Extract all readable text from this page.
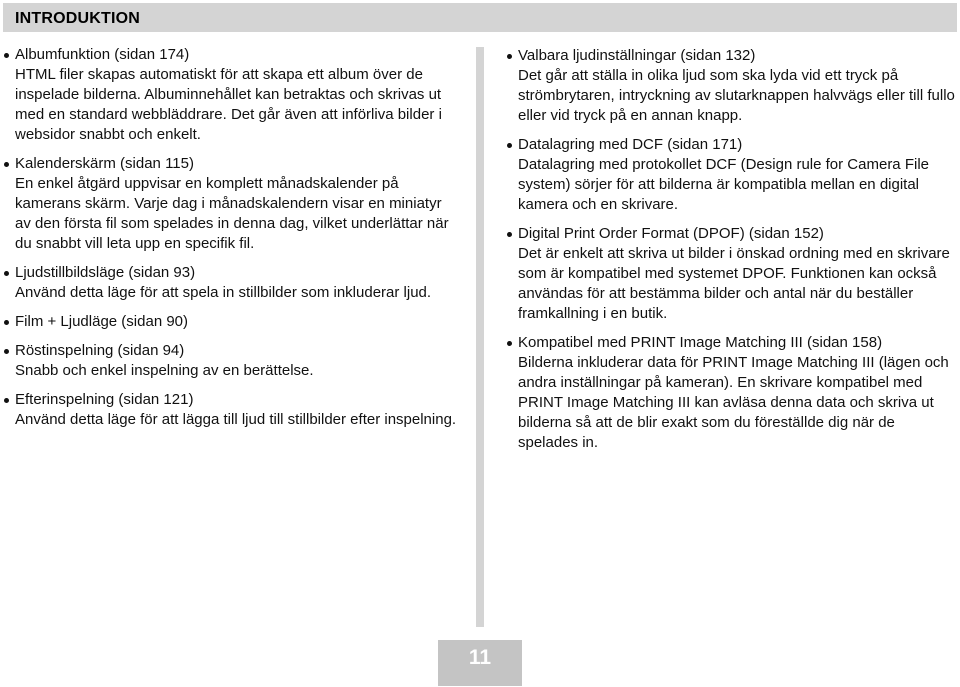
INTRODUKTION
Albumfunktion (sidan 174)
HTML filer skapas automatiskt för att skapa ett album över de inspelade bilderna. Albuminnehållet kan betraktas och skrivas ut med en standard webbläddrare. Det går även att införliva bilder i websidor snabbt och enkelt.
Kalenderskärm (sidan 115)
En enkel åtgärd uppvisar en komplett månadskalender på kamerans skärm. Varje dag i månadskalendern visar en miniatyr av den första fil som spelades in denna dag, vilket underlättar när du snabbt vill leta upp en specifik fil.
Ljudstillbildsläge (sidan 93)
Använd detta läge för att spela in stillbilder som inkluderar ljud.
Film + Ljudläge (sidan 90)
Röstinspelning (sidan 94)
Snabb och enkel inspelning av en berättelse.
Efterinspelning (sidan 121)
Använd detta läge för att lägga till ljud till stillbilder efter inspelning.
Valbara ljudinställningar (sidan 132)
Det går att ställa in olika ljud som ska lyda vid ett tryck på strömbrytaren, intryckning av slutarknappen halvvägs eller till fullo eller vid tryck på en annan knapp.
Datalagring med DCF (sidan 171)
Datalagring med protokollet DCF (Design rule for Camera File system) sörjer för att bilderna är kompatibla mellan en digital kamera och en skrivare.
Digital Print Order Format (DPOF) (sidan 152)
Det är enkelt att skriva ut bilder i önskad ordning med en skrivare som är kompatibel med systemet DPOF. Funktionen kan också användas för att bestämma bilder och antal när du beställer framkallning i en butik.
Kompatibel med PRINT Image Matching III (sidan 158)
Bilderna inkluderar data för PRINT Image Matching III (lägen och andra inställningar på kameran). En skrivare kompatibel med PRINT Image Matching III kan avläsa denna data och skriva ut bilderna så att de blir exakt som du föreställde dig när de spelades in.
11
